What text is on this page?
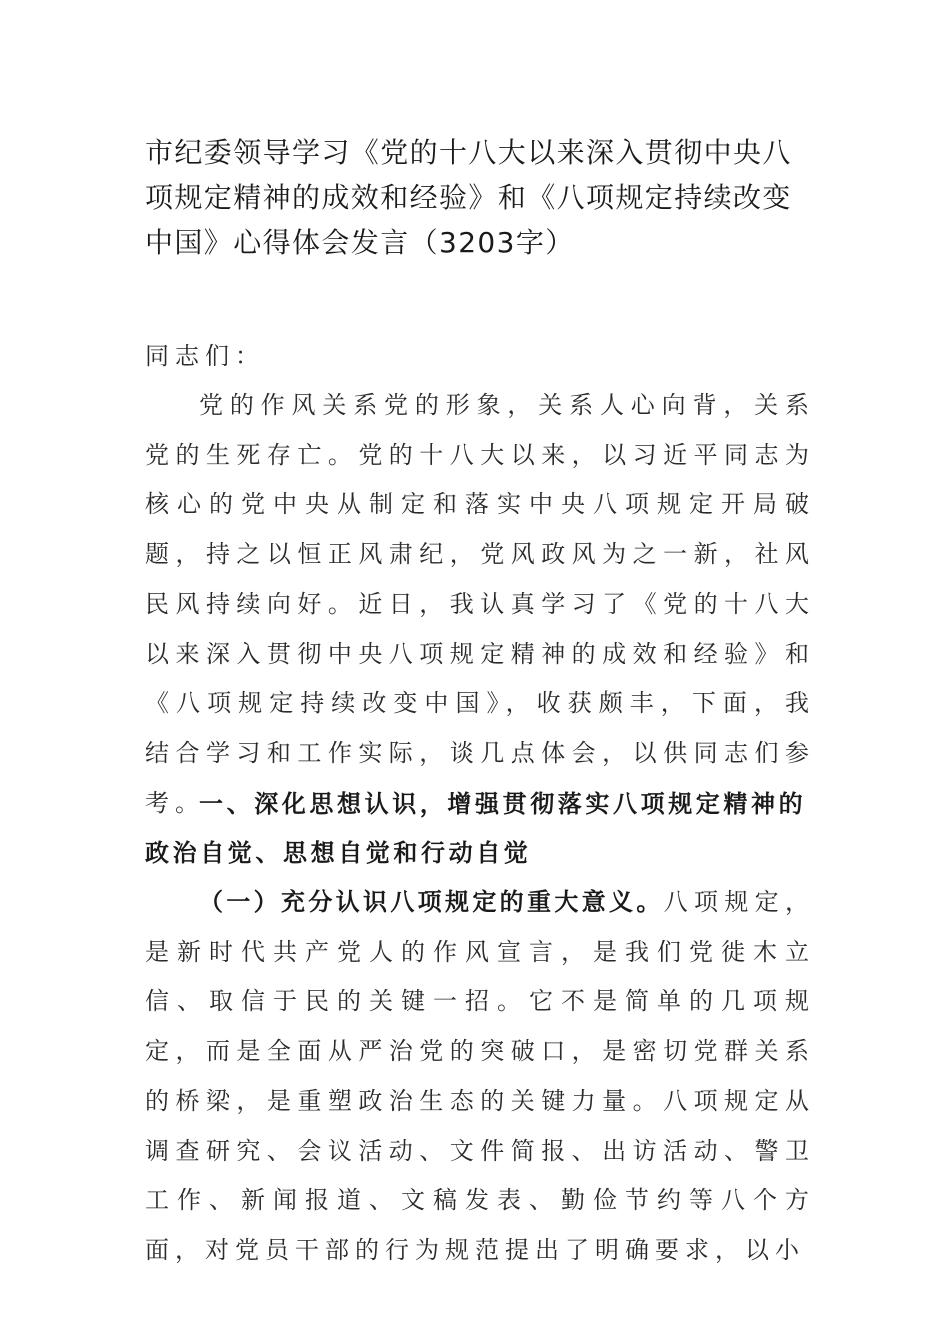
市纪委领导学习《党的十八大以来深入贯彻中央八项规定精神的成效和经验》和《八项规定持续改变中国》心得体会发言（3203字）

同志们：

党的作风关系党的形象，关系人心向背，关系党的生死存亡。党的十八大以来，以习近平同志为核心的党中央从制定和落实中央八项规定开局破题，持之以恒正风肃纪，党风政风为之一新，社风民风持续向好。近日，我认真学习了《党的十八大以来深入贯彻中央八项规定精神的成效和经验》和《八项规定持续改变中国》，收获颇丰，下面，我结合学习和工作实际，谈几点体会，以供同志们参考。

一、深化思想认识，增强贯彻落实八项规定精神的政治自觉、思想自觉和行动自觉

（一）充分认识八项规定的重大意义。八项规定，是新时代共产党人的作风宣言，是我们党徙木立信、取信于民的关键一招。它不是简单的几项规定，而是全面从严治党的突破口，是密切党群关系的桥梁，是重塑政治生态的关键力量。八项规定从调查研究、会议活动、文件简报、出访活动、警卫工作、新闻报道、文稿发表、勤俭节约等八个方面，对党员干部的行为规范提出了明确要求，以小
